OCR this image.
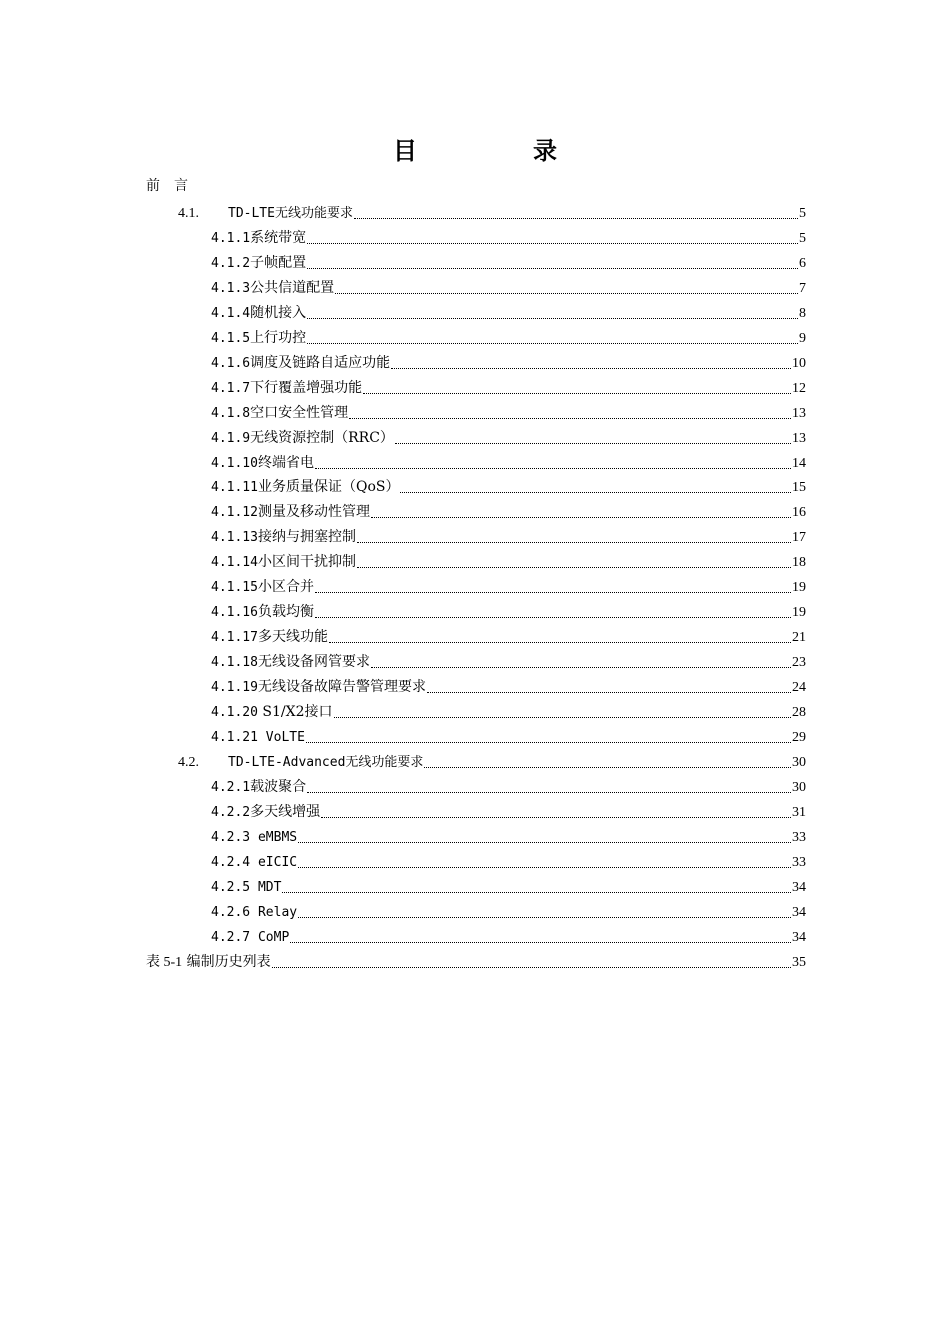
目　录
前言
4.1. TD-LTE无线功能要求	5
4.1.1系统带宽	5
4.1.2子帧配置	6
4.1.3公共信道配置	7
4.1.4随机接入	8
4.1.5上行功控	9
4.1.6调度及链路自适应功能	10
4.1.7下行覆盖增强功能	12
4.1.8空口安全性管理	13
4.1.9无线资源控制（RRC）	13
4.1.10终端省电	14
4.1.11业务质量保证（QoS）	15
4.1.12测量及移动性管理	16
4.1.13接纳与拥塞控制	17
4.1.14小区间干扰抑制	18
4.1.15小区合并	19
4.1.16负载均衡	19
4.1.17多天线功能	21
4.1.18无线设备网管要求	23
4.1.19无线设备故障告警管理要求	24
4.1.20 S1/X2接口	28
4.1.21 VoLTE	29
4.2. TD-LTE-Advanced无线功能要求	30
4.2.1载波聚合	30
4.2.2多天线增强	31
4.2.3 eMBMS	33
4.2.4 eICIC	33
4.2.5 MDT	34
4.2.6 Relay	34
4.2.7 CoMP	34
表 5-1 编制历史列表	35
